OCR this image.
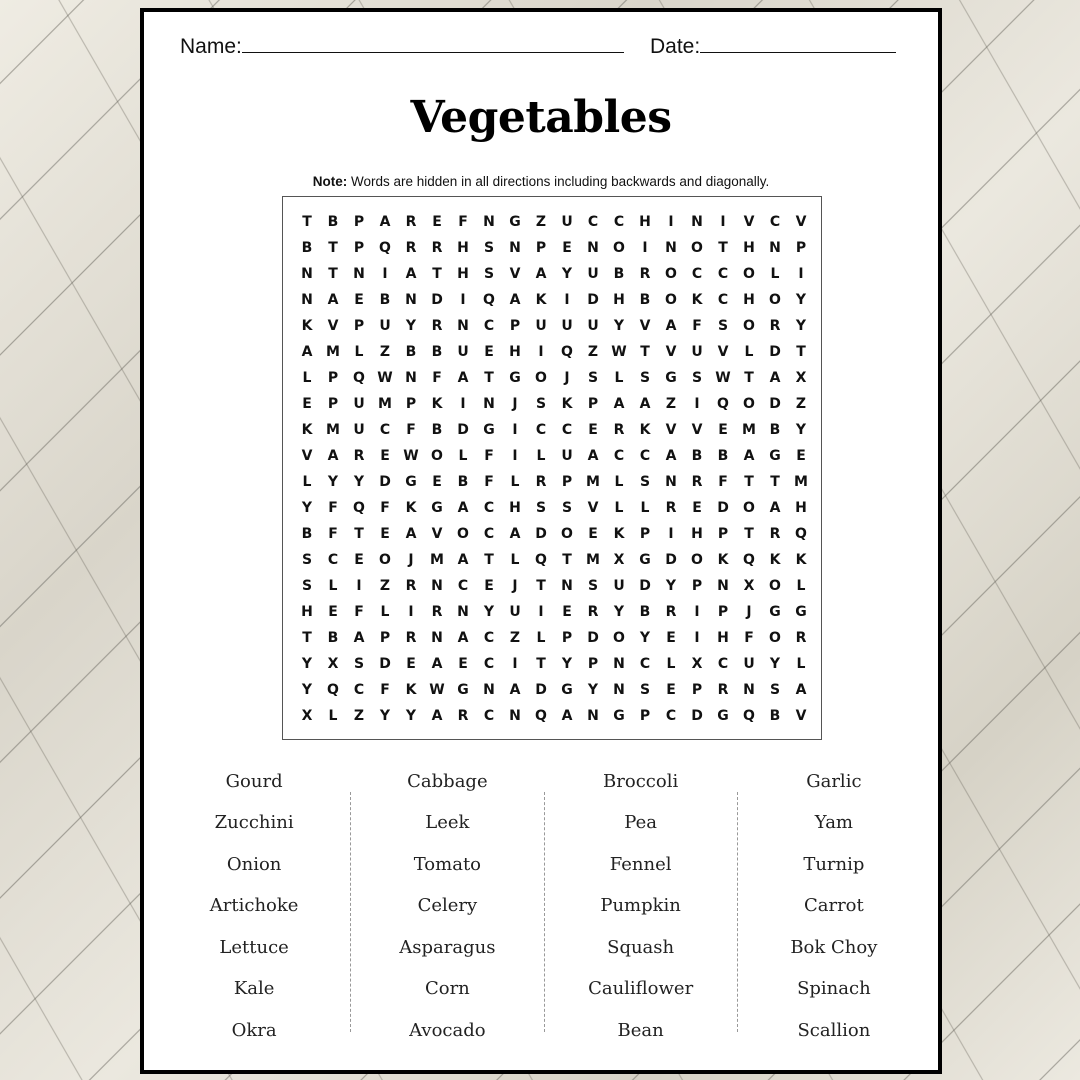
Name:	Date:
Vegetables
Note: Words are hidden in all directions including backwards and diagonally.
T	B	P	A	R	E	F	N	G	Z	U	C	C	H	I	N	I	V	C	V
B	T	P	Q	R	R	H	S	N	P	E	N	O	I	N	O	T	H	N	P
N	T	N	I	A	T	H	S	V	A	Y	U	B	R	O	C	C	O	L	I
N	A	E	B	N	D	I	Q	A	K	I	D	H	B	O	K	C	H	O	Y
K	V	P	U	Y	R	N	C	P	U	U	U	Y	V	A	F	S	O	R	Y
A M	L	Z	B	B	U	E	H	I	Q	Z W T	V	U	V	L	D	T
L	P	Q W N	F	A	T	G	O	J	S	L	S	G	S W T	A	X
E	P	U M P	K	I	N	J	S	K	P	A	A	Z	I	Q	O	D	Z
K M U	C	F	B	D	G	I	C	C	E	R	K	V	V	E	M B	Y
V	A	R	E W O	L	F	I	L	U	A	C	C	A	B	B	A	G	E
L	Y	Y	D	G	E	B	F	L	R	P M	L	S	N	R	F	T	T	M
Y	F	Q	F	K	G	A	C	H	S	S	V	L	L	R	E	D	O	A	H
B	F	T	E	A	V	O	C	A	D	O	E	K	P	I	H	P	T	R	Q
S	C	E	O	J	M A	T	L	Q	T	M X	G	D	O	K	Q	K	K
S	L	I	Z	R	N	C	E	J	T	N	S	U	D	Y	P	N	X	O	L
H	E	F	L	I	R	N	Y	U	I	E	R	Y	B	R	I	P	J	G	G
T	B	A	P	R	N	A	C	Z	L	P	D	O	Y	E	I	H	F	O	R
Y	X	S	D	E	A	E	C	I	T	Y	P	N	C	L	X	C	U	Y	L
Y	Q	C	F	K W G	N	A	D	G	Y	N	S	E	P	R	N	S	A
X	L	Z	Y	Y	A	R	C	N	Q	A	N	G	P	C	D	G	Q	B	V
Gourd
Zucchini
Onion
Artichoke
Lettuce
Kale
Okra
Cabbage
Leek
Tomato
Celery
Asparagus
Corn
Avocado
Broccoli
Pea
Fennel
Pumpkin
Squash
Cauliflower
Bean
Garlic
Yam
Turnip
Carrot
Bok Choy
Spinach
Scallion
